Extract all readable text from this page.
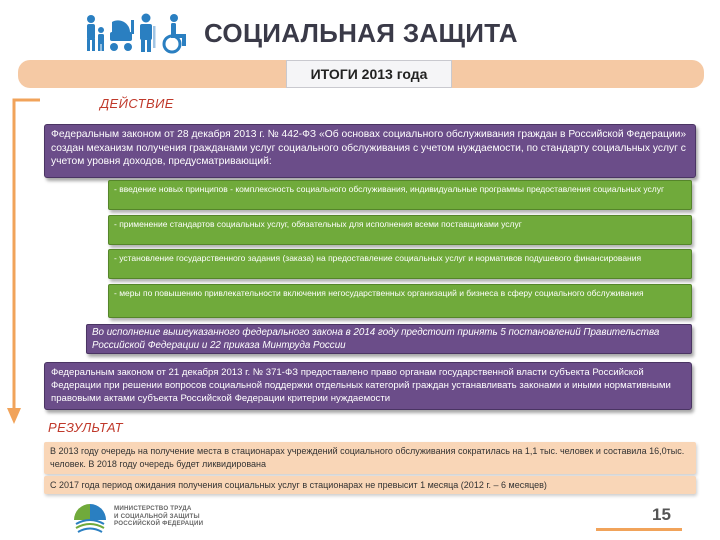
СОЦИАЛЬНАЯ ЗАЩИТА
ИТОГИ 2013 года
ДЕЙСТВИЕ
РЕЗУЛЬТАТ
Федеральным законом от 28 декабря 2013 г. № 442-ФЗ «Об основах социального обслуживания граждан в Российской Федерации» создан механизм получения гражданами услуг социального обслуживания с учетом нуждаемости, по стандарту социальных услуг с учетом уровня доходов, предусматривающий:
- введение новых принципов - комплексность социального обслуживания, индивидуальные программы предоставления социальных услуг
- применение стандартов социальных услуг, обязательных для исполнения всеми поставщиками услуг
- установление государственного задания (заказа) на предоставление социальных услуг и нормативов подушевого финансирования
- меры по повышению привлекательности включения негосударственных организаций и бизнеса в сферу социального обслуживания
Во исполнение вышеуказанного федерального закона в 2014 году предстоит принять 5 постановлений Правительства Российской Федерации и 22 приказа Минтруда России
Федеральным законом от 21 декабря 2013 г. № 371-ФЗ предоставлено право органам государственной власти субъекта Российской Федерации при решении вопросов социальной поддержки отдельных категорий граждан устанавливать законами и иными нормативными правовыми актами субъекта Российской Федерации критерии нуждаемости
В 2013 году очередь на получение места в стационарах учреждений социального обслуживания сократилась на 1,1 тыс. человек и составила 16,0тыс. человек. В 2018 году очередь будет ликвидирована
С 2017 года период ожидания получения социальных услуг в стационарах не превысит 1 месяца (2012 г. – 6 месяцев)
МИНИСТЕРСТВО ТРУДА
И СОЦИАЛЬНОЙ ЗАЩИТЫ
РОССИЙСКОЙ ФЕДЕРАЦИИ	15
